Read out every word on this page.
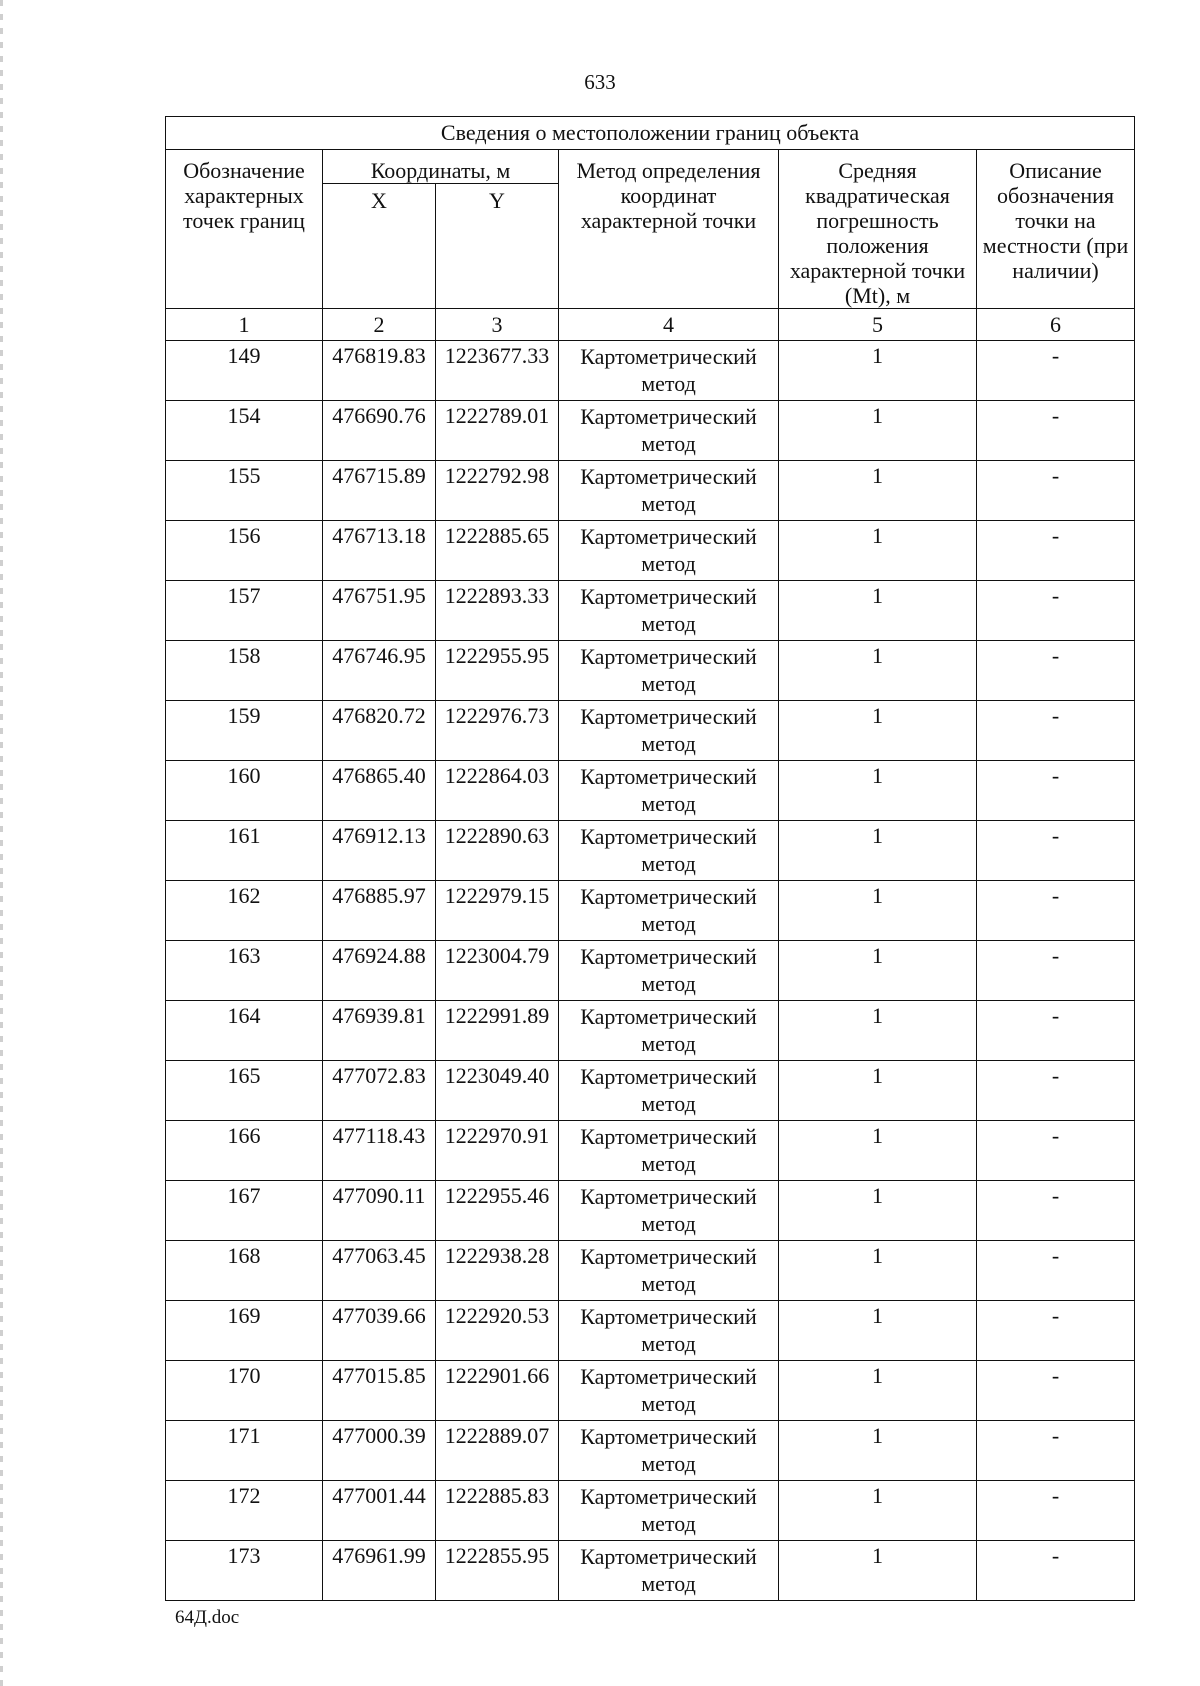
633
Сведения о местоположении границ объекта					
Обозначение характерных точек границ	Координаты, м		Метод определения координат характерной точки	Средняя квадратическая погрешность положения характерной точки (Mt), м	Описание обозначения точки на местности (при наличии)
	X	Y			
1	2	3	4	5	6
149	476819.83	1223677.33	Картометрический метод	1	-
154	476690.76	1222789.01	Картометрический метод	1	-
155	476715.89	1222792.98	Картометрический метод	1	-
156	476713.18	1222885.65	Картометрический метод	1	-
157	476751.95	1222893.33	Картометрический метод	1	-
158	476746.95	1222955.95	Картометрический метод	1	-
159	476820.72	1222976.73	Картометрический метод	1	-
160	476865.40	1222864.03	Картометрический метод	1	-
161	476912.13	1222890.63	Картометрический метод	1	-
162	476885.97	1222979.15	Картометрический метод	1	-
163	476924.88	1223004.79	Картометрический метод	1	-
164	476939.81	1222991.89	Картометрический метод	1	-
165	477072.83	1223049.40	Картометрический метод	1	-
166	477118.43	1222970.91	Картометрический метод	1	-
167	477090.11	1222955.46	Картометрический метод	1	-
168	477063.45	1222938.28	Картометрический метод	1	-
169	477039.66	1222920.53	Картометрический метод	1	-
170	477015.85	1222901.66	Картометрический метод	1	-
171	477000.39	1222889.07	Картометрический метод	1	-
172	477001.44	1222885.83	Картометрический метод	1	-
173	476961.99	1222855.95	Картометрический метод	1	-
64Д.doc
